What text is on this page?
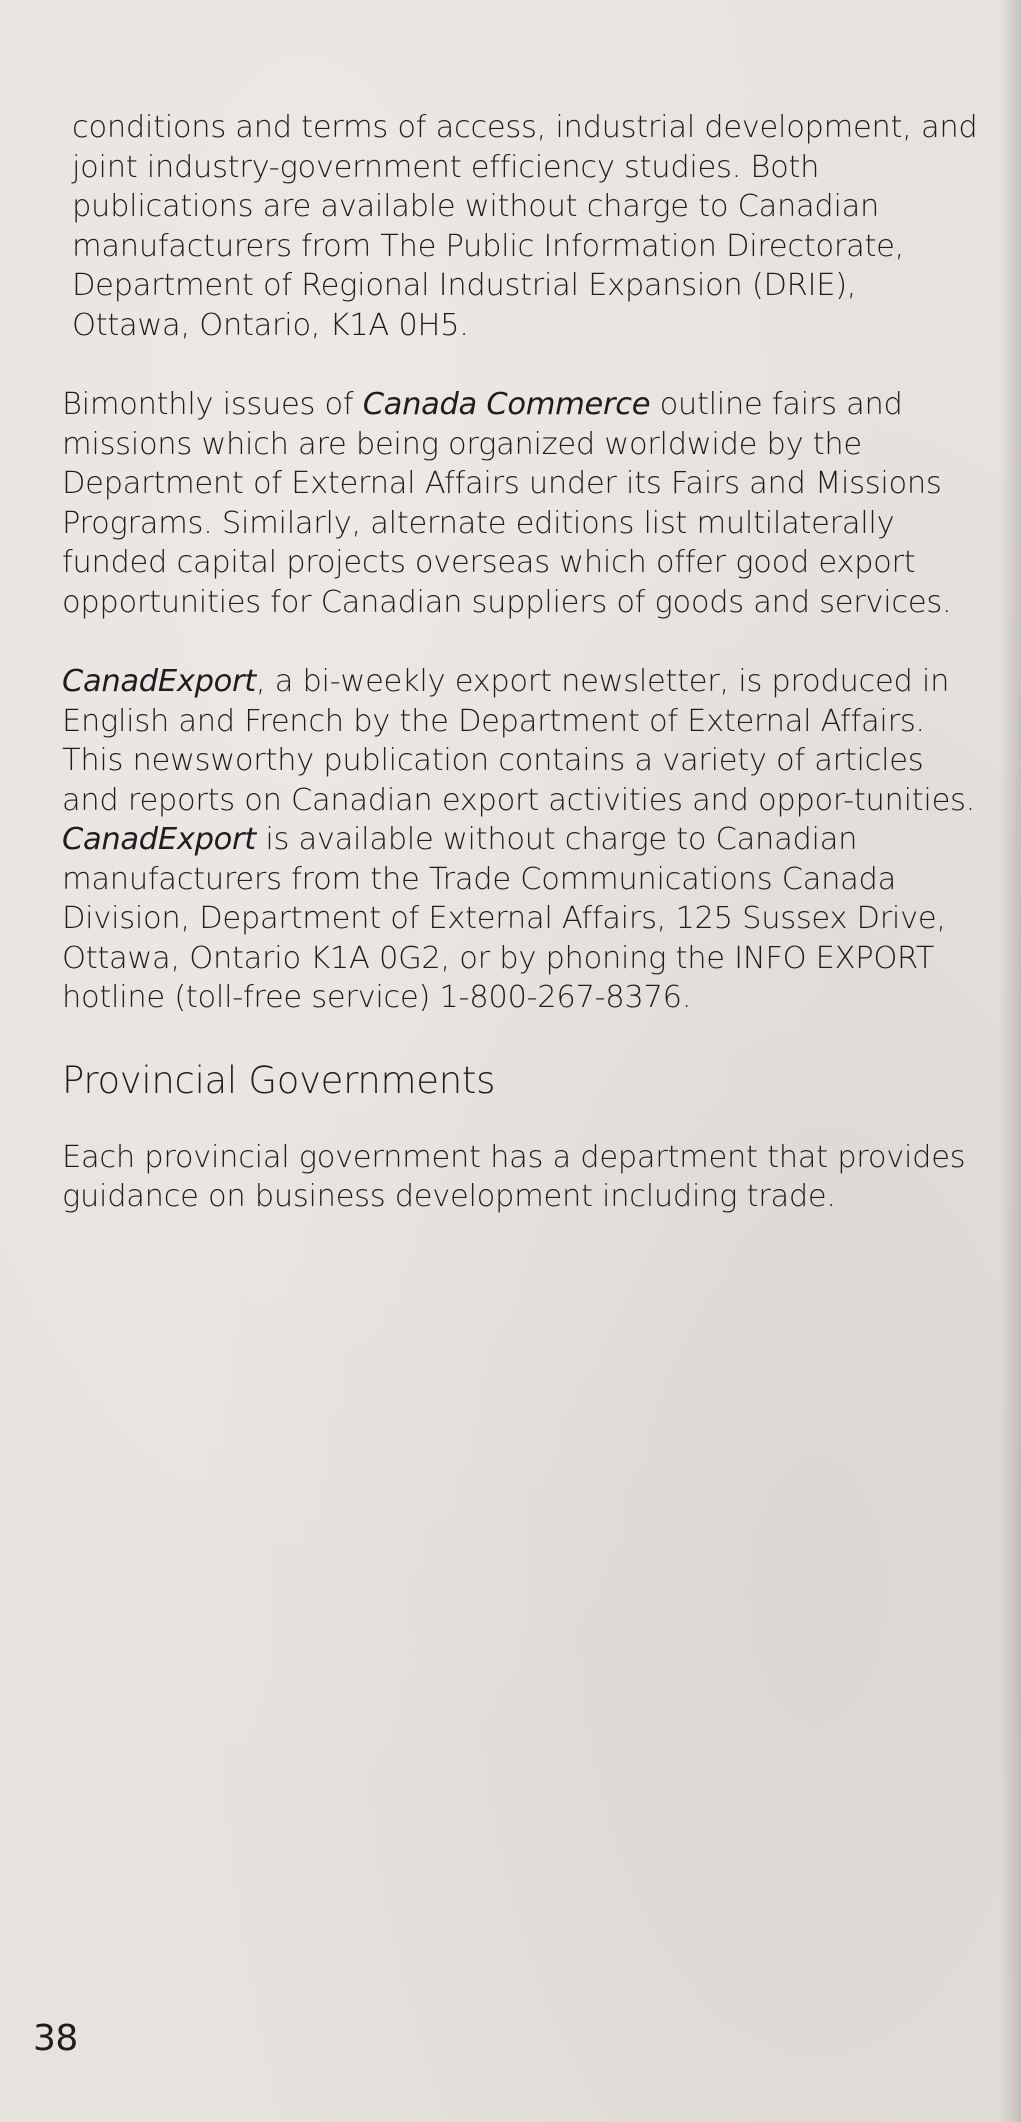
conditions and terms of access, industrial development, and joint industry-government efficiency studies. Both publications are available without charge to Canadian manufacturers from The Public Information Directorate, Department of Regional Industrial Expansion (DRIE), Ottawa, Ontario, K1A 0H5.

Bimonthly issues of Canada Commerce outline fairs and missions which are being organized worldwide by the Department of External Affairs under its Fairs and Missions Programs. Similarly, alternate editions list multilaterally funded capital projects overseas which offer good export opportunities for Canadian suppliers of goods and services.

CanadExport, a bi-weekly export newsletter, is produced in English and French by the Department of External Affairs. This newsworthy publication contains a variety of articles and reports on Canadian export activities and oppor-tunities. CanadExport is available without charge to Canadian manufacturers from the Trade Communications Canada Division, Department of External Affairs, 125 Sussex Drive, Ottawa, Ontario K1A 0G2, or by phoning the INFO EXPORT hotline (toll-free service) 1-800-267-8376.

Provincial Governments

Each provincial government has a department that provides guidance on business development including trade.

38
